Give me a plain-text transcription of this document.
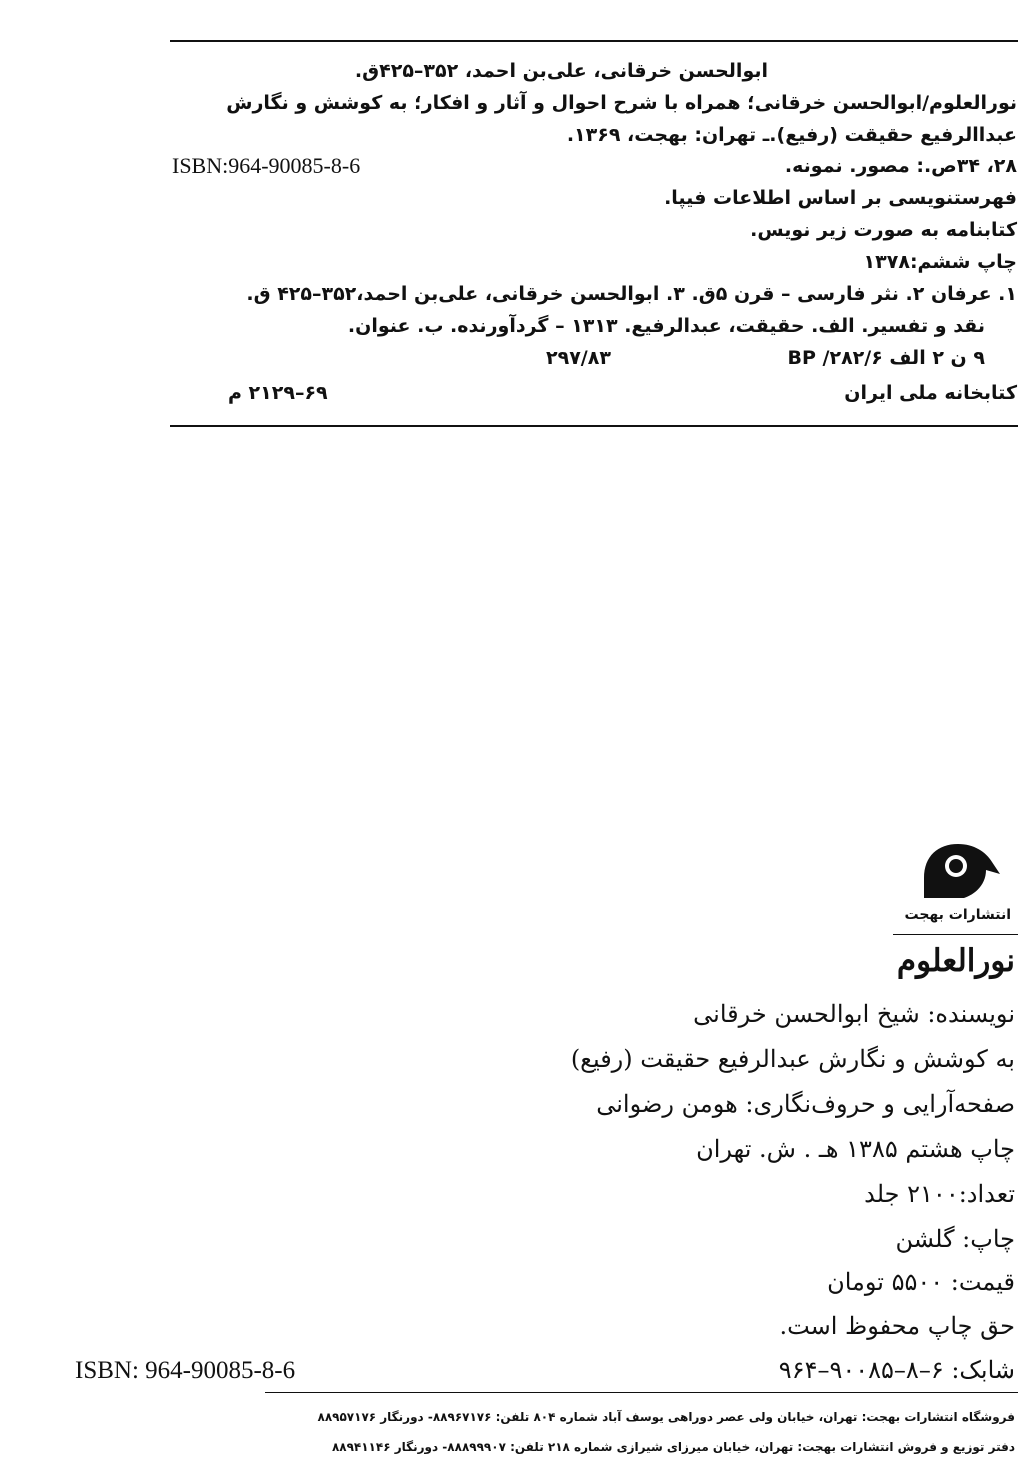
ابوالحسن خرقانی، علی‌بن احمد، ۳۵۲–۴۲۵ق.
نورالعلوم/ابوالحسن خرقانی؛ همراه با شرح احوال و آثار و افکار؛ به کوشش و نگارش
عبداالرفیع حقیقت (رفیع).ـ تهران: بهجت، ۱۳۶۹.
ISBN:964-90085-8-6	۲۸، ۳۴ص.: مصور. نمونه.
فهرستنویسی بر اساس اطلاعات فیپا.
کتابنامه به صورت زیر نویس.
چاپ ششم:۱۳۷۸
۱. عرفان ۲. نثر فارسی – قرن ۵ق. ۳. ابوالحسن خرقانی، علی‌بن احمد،۳۵۲–۴۲۵ ق.
نقد و تفسیر. الف. حقیقت، عبدالرفیع. ۱۳۱۳ – گردآورنده. ب. عنوان.
۹ ن ۲ الف ۲۸۲/۶/ BP
۲۹۷/۸۳
کتابخانه ملی ایران
۶۹–۲۱۲۹ م
انتشارات بهجت
نورالعلوم
نویسنده: شیخ ابوالحسن خرقانی
به کوشش و نگارش عبدالرفیع حقیقت (رفیع)
صفحه‌آرایی و حروف‌نگاری: هومن رضوانی
چاپ هشتم ۱۳۸۵ هـ . ش. تهران
تعداد:۲۱۰۰ جلد
چاپ: گلشن
قیمت: ۵۵۰۰ تومان
حق چاپ محفوظ است.
شابک: ۶–۸–۹۰۰۸۵–۹۶۴
ISBN: 964-90085-8-6
فروشگاه انتشارات بهجت: تهران، خیابان ولی عصر دوراهی یوسف آباد شماره ۸۰۴ تلفن: ۸۸۹۶۷۱۷۶- دورنگار ۸۸۹۵۷۱۷۶
دفتر توزیع و فروش انتشارات بهجت: تهران، خیابان میرزای شیرازی شماره ۲۱۸ تلفن: ۸۸۸۹۹۹۰۷- دورنگار ۸۸۹۴۱۱۴۶
